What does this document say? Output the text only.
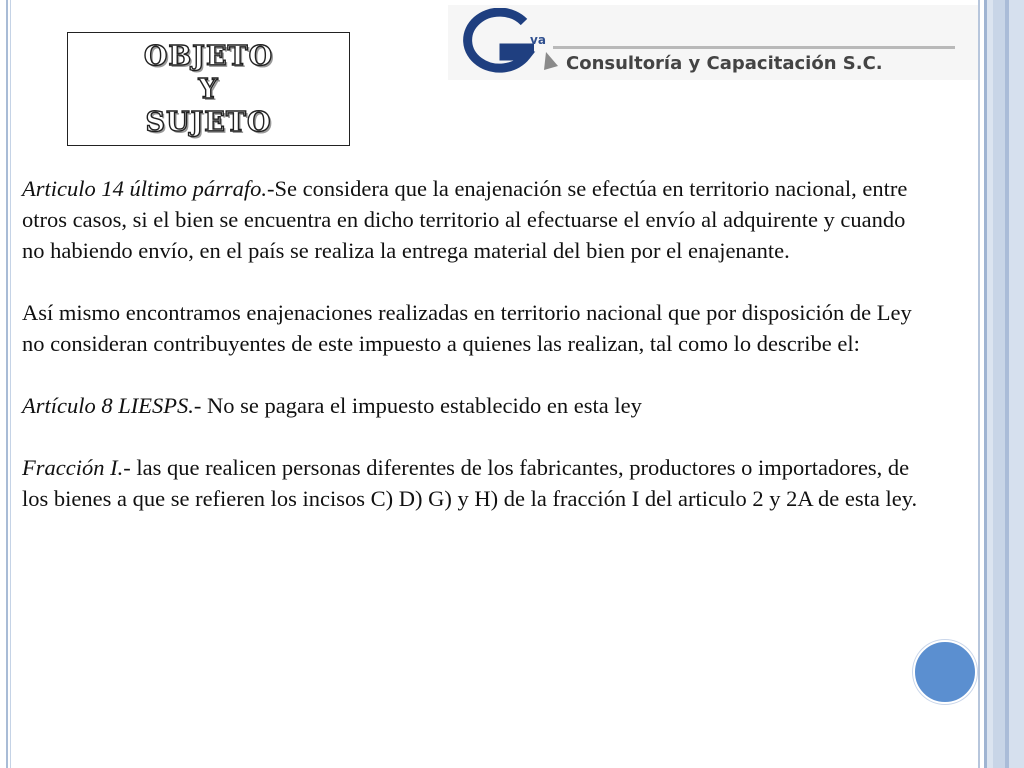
OBJETO
Y
SUJETO
va
Consultoría y Capacitación S.C.

Articulo 14 último párrafo.-Se considera que la enajenación se efectúa en territorio nacional, entre otros casos, si el bien se encuentra en dicho territorio al efectuarse el envío al adquirente y cuando no habiendo envío, en el país se realiza la entrega material del bien por el enajenante.

Así mismo encontramos enajenaciones realizadas en territorio nacional que por disposición de Ley no consideran contribuyentes de este impuesto a quienes las realizan, tal como lo describe el:

Artículo 8 LIESPS.- No se pagara el impuesto establecido en esta ley

Fracción I.- las que realicen personas diferentes de los fabricantes, productores o importadores, de los bienes a que se refieren los incisos C) D) G) y H) de la fracción I del articulo 2 y 2A de esta ley.
